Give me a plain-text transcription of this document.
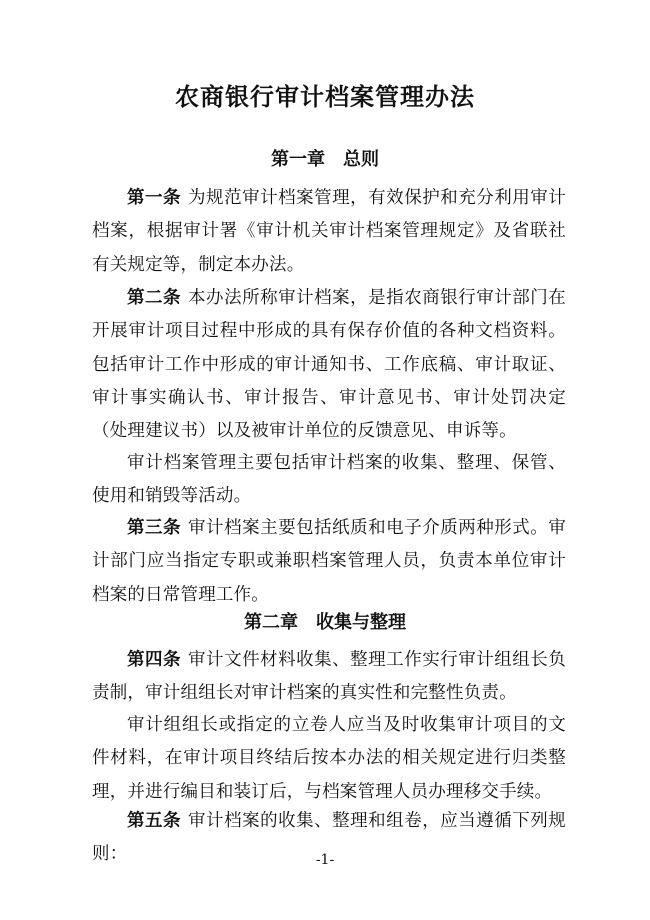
农商银行审计档案管理办法
第一章　总则
第一条 为规范审计档案管理，有效保护和充分利用审计档案，根据审计署《审计机关审计档案管理规定》及省联社有关规定等，制定本办法。
第二条 本办法所称审计档案，是指农商银行审计部门在开展审计项目过程中形成的具有保存价值的各种文档资料。包括审计工作中形成的审计通知书、工作底稿、审计取证、审计事实确认书、审计报告、审计意见书、审计处罚决定（处理建议书）以及被审计单位的反馈意见、申诉等。
审计档案管理主要包括审计档案的收集、整理、保管、使用和销毁等活动。
第三条 审计档案主要包括纸质和电子介质两种形式。审计部门应当指定专职或兼职档案管理人员，负责本单位审计档案的日常管理工作。
第二章　收集与整理
第四条 审计文件材料收集、整理工作实行审计组组长负责制，审计组组长对审计档案的真实性和完整性负责。
审计组组长或指定的立卷人应当及时收集审计项目的文件材料，在审计项目终结后按本办法的相关规定进行归类整理，并进行编目和装订后，与档案管理人员办理移交手续。
第五条 审计档案的收集、整理和组卷，应当遵循下列规则：	-1-
